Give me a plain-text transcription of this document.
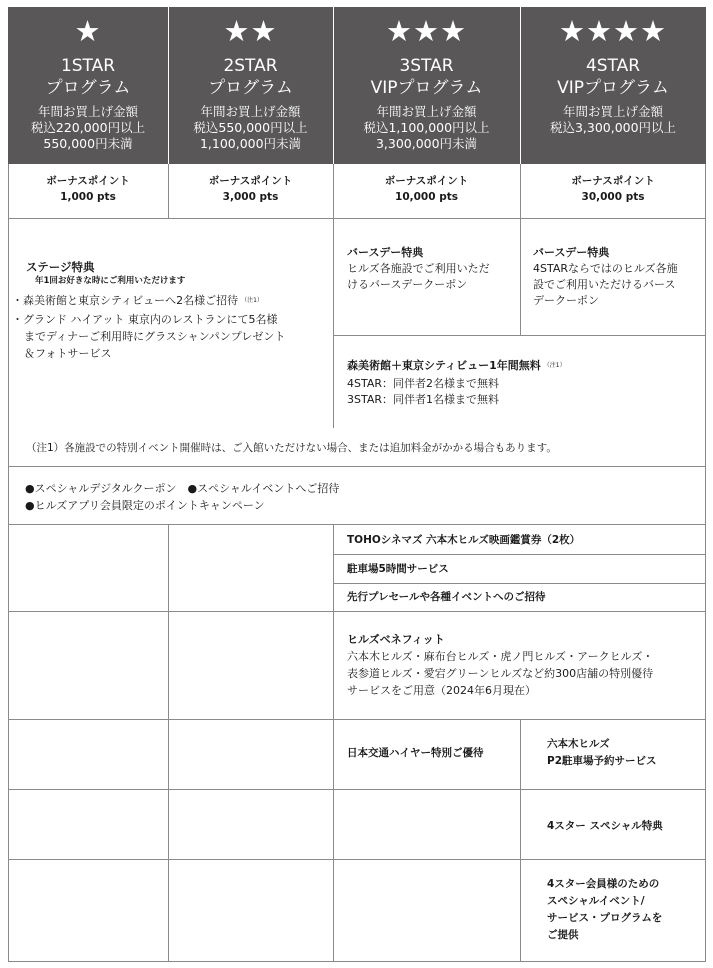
★
1STAR
プログラム
年間お買上げ金額
税込220,000円以上
550,000円未満
★★
2STAR
プログラム
年間お買上げ金額
税込550,000円以上
1,100,000円未満
★★★
3STAR
VIPプログラム
年間お買上げ金額
税込1,100,000円以上
3,300,000円未満
★★★★
4STAR
VIPプログラム
年間お買上げ金額
税込3,300,000円以上
ボーナスポイント
1,000 pts
ボーナスポイント
3,000 pts
ボーナスポイント
10,000 pts
ボーナスポイント
30,000 pts
ステージ特典
年1回お好きな時にご利用いただけます
・森美術館と東京シティビューへ2名様ご招待 $^{(注1)}$
・グランド ハイアット 東京内のレストランにて5名様
までディナーご利用時にグラスシャンパンプレゼント
＆フォトサービス
バースデー特典
ヒルズ各施設でご利用いただ
けるバースデークーポン
バースデー特典
4STARならではのヒルズ各施
設でご利用いただけるバース
デークーポン
森美術館＋東京シティビュー1年間無料 $^{(注1)}$
4STAR：同伴者2名様まで無料
3STAR：同伴者1名様まで無料
（注1）各施設での特別イベント開催時は、ご入館いただけない場合、または追加料金がかかる場合もあります。
●スペシャルデジタルクーポン　●スペシャルイベントへご招待
●ヒルズアプリ会員限定のポイントキャンペーン
TOHOシネマズ 六本木ヒルズ映画鑑賞券（2枚）
駐車場5時間サービス
先行プレセールや各種イベントへのご招待
ヒルズベネフィット
六本木ヒルズ・麻布台ヒルズ・虎ノ門ヒルズ・アークヒルズ・
表参道ヒルズ・愛宕グリーンヒルズなど約300店舗の特別優待
サービスをご用意（2024年6月現在）
日本交通ハイヤー特別ご優待
六本木ヒルズ
P2駐車場予約サービス
4スター スペシャル特典
4スター会員様のための
スペシャルイベント/
サービス・プログラムを
ご提供
